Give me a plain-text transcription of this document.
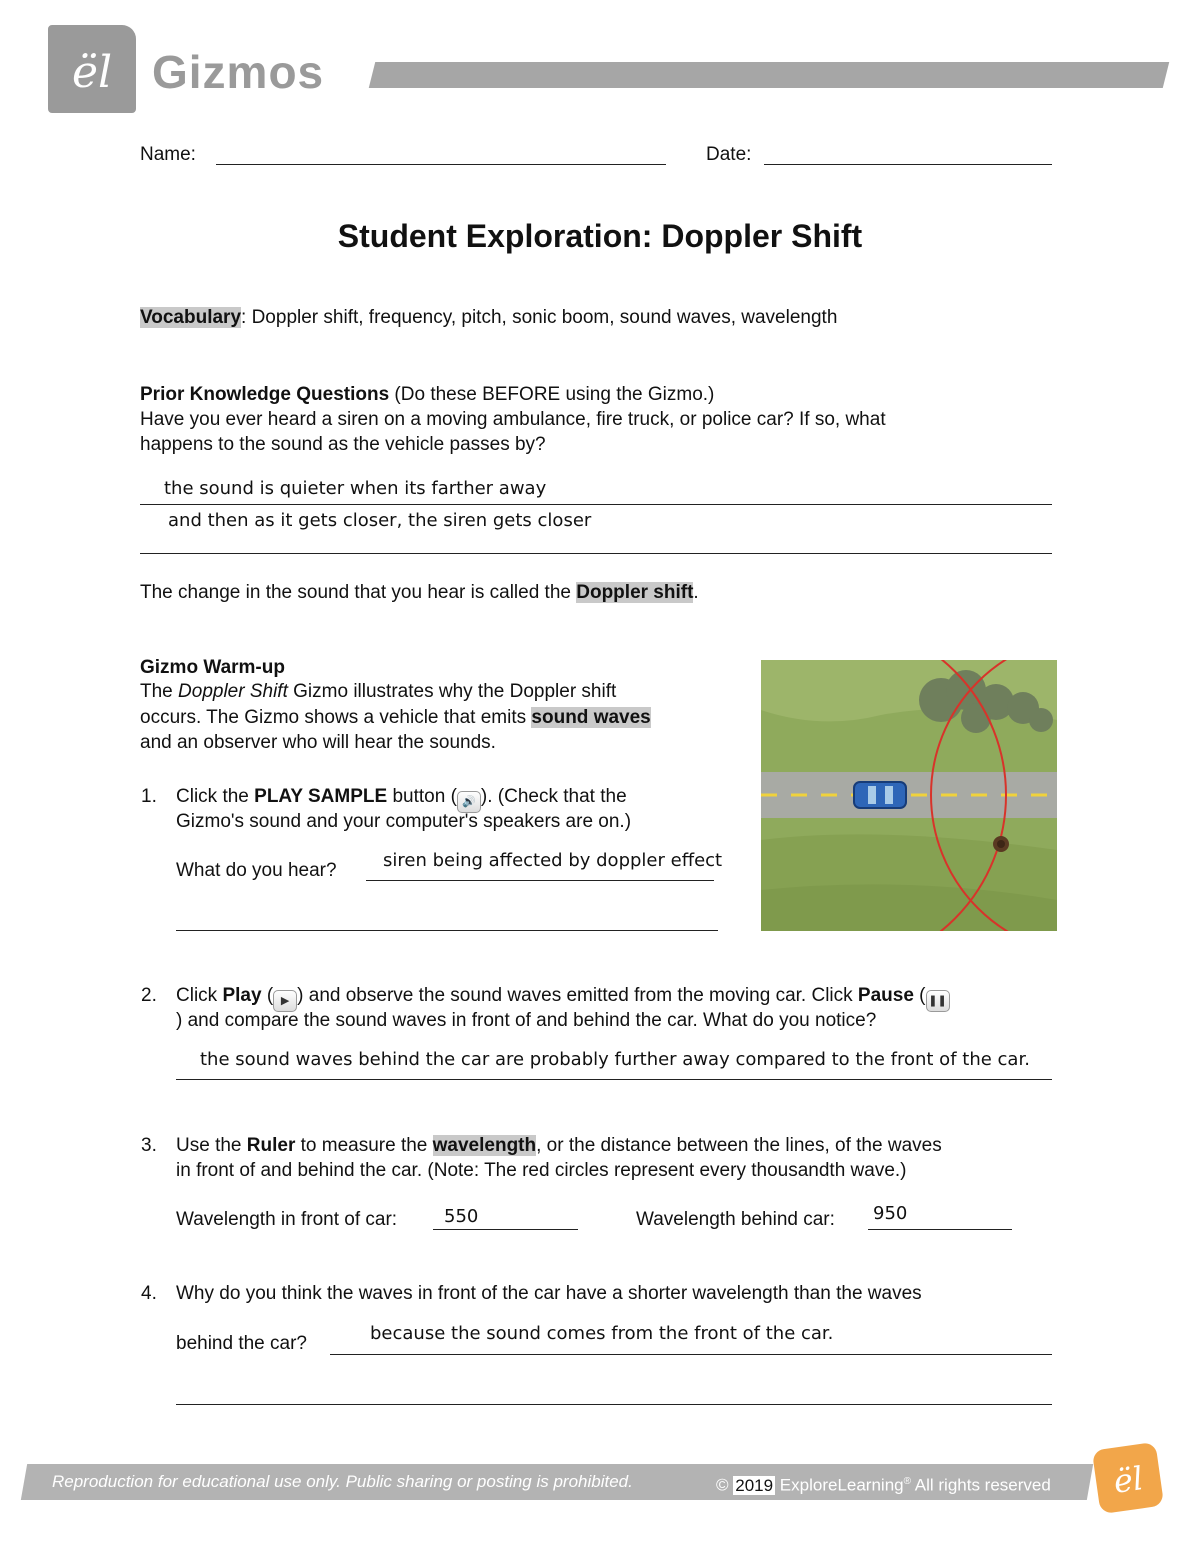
ël Gizmos
Name:	Date:
Student Exploration: Doppler Shift
Vocabulary: Doppler shift, frequency, pitch, sonic boom, sound waves, wavelength
Prior Knowledge Questions (Do these BEFORE using the Gizmo.)
Have you ever heard a siren on a moving ambulance, fire truck, or police car? If so, what
happens to the sound as the vehicle passes by?
the sound is quieter when its farther away
and then as it gets closer, the siren gets closer
The change in the sound that you hear is called the Doppler shift.
Gizmo Warm-up
The Doppler Shift Gizmo illustrates why the Doppler shift
occurs. The Gizmo shows a vehicle that emits sound waves
and an observer who will hear the sounds.
1.	Click the PLAY SAMPLE button ( 🔊 ). (Check that the
Gizmo's sound and your computer's speakers are on.)
What do you hear?	siren being affected by doppler effect
2.	Click Play ( ▶ ) and observe the sound waves emitted from the moving car. Click Pause ( ❚❚
) and compare the sound waves in front of and behind the car. What do you notice?
the sound waves behind the car are probably further away compared to the front of the car.
3.	Use the Ruler to measure the wavelength, or the distance between the lines, of the waves
in front of and behind the car. (Note: The red circles represent every thousandth wave.)
Wavelength in front of car:	550	Wavelength behind car: 950
4.	Why do you think the waves in front of the car have a shorter wavelength than the waves
behind the car?	because the sound comes from the front of the car.
Reproduction for educational use only. Public sharing or posting is prohibited.	© 2019 ExploreLearning® All rights reserved ël
